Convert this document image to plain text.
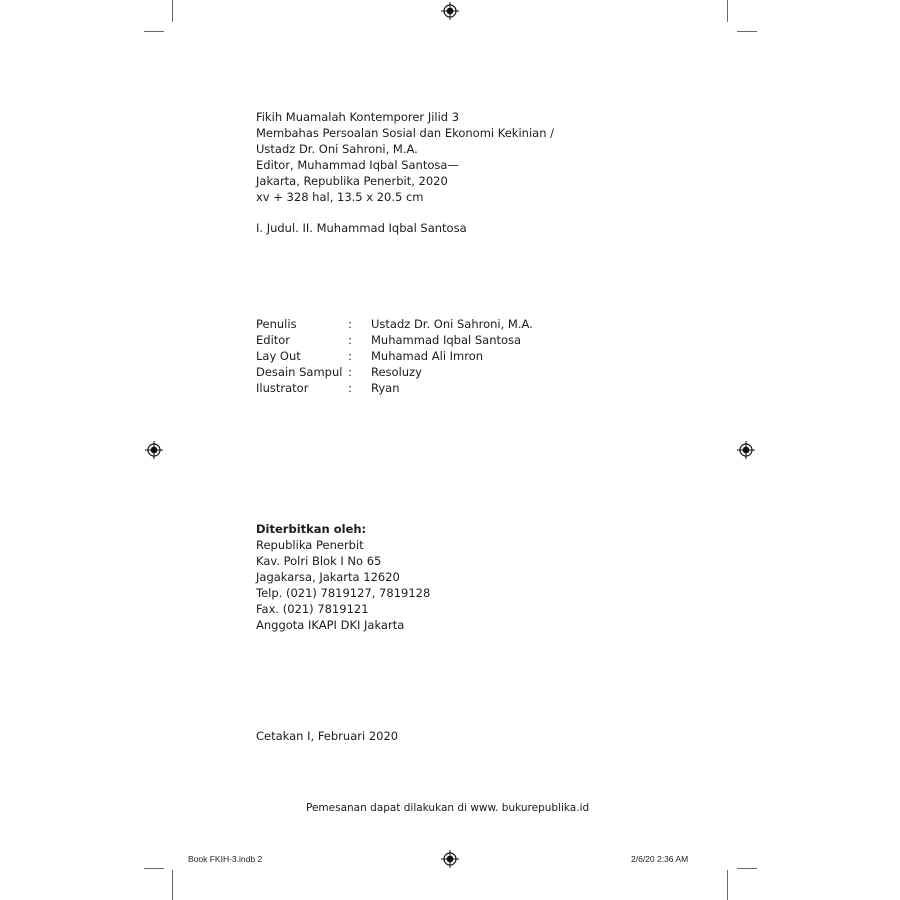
Fikih Muamalah Kontemporer Jilid 3
Membahas Persoalan Sosial dan Ekonomi Kekinian /
Ustadz Dr. Oni Sahroni, M.A.
Editor, Muhammad Iqbal Santosa—
Jakarta, Republika Penerbit, 2020
xv + 328 hal, 13.5 x 20.5 cm
I. Judul. II. Muhammad Iqbal Santosa
Penulis	:	Ustadz Dr. Oni Sahroni, M.A.
Editor	:	Muhammad Iqbal Santosa
Lay Out	:	Muhamad Ali Imron
Desain Sampul :	Resoluzy
Ilustrator	:	Ryan
Diterbitkan oleh:
Republika Penerbit
Kav. Polri Blok I No 65
Jagakarsa, Jakarta 12620
Telp. (021) 7819127, 7819128
Fax. (021) 7819121
Anggota IKAPI DKI Jakarta
Cetakan I, Februari 2020
Pemesanan dapat dilakukan di www. bukurepublika.id
Book FKIH-3.indb 2	2/6/20 2:36 AM
